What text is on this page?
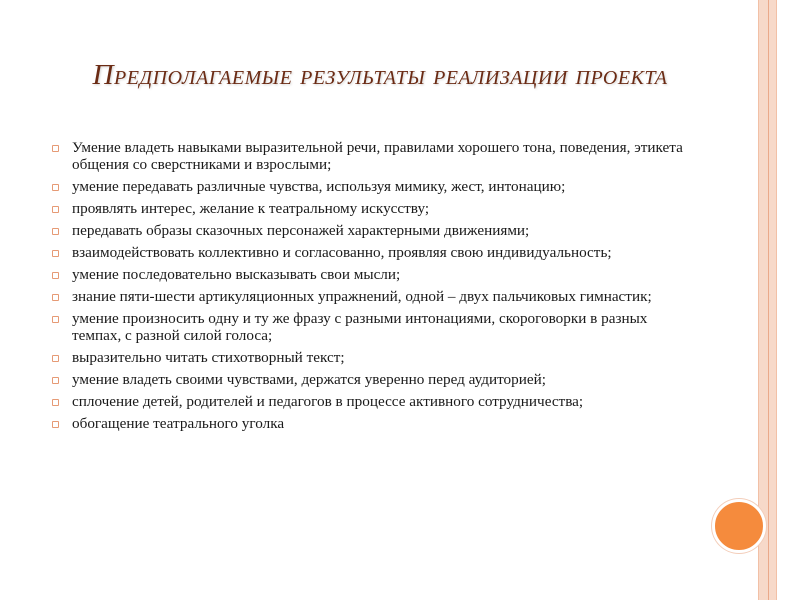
Предполагаемые результаты реализации проекта
Умение владеть навыками выразительной речи, правилами хорошего тона, поведения, этикета общения со сверстниками и взрослыми;
умение передавать различные чувства, используя мимику, жест, интонацию;
проявлять интерес, желание к театральному искусству;
передавать образы сказочных персонажей характерными движениями;
взаимодействовать коллективно и согласованно, проявляя свою индивидуальность;
умение последовательно высказывать свои мысли;
знание пяти-шести артикуляционных упражнений, одной – двух пальчиковых гимнастик;
умение произносить одну и ту же фразу с разными интонациями, скороговорки в разных темпах, с разной силой голоса;
выразительно читать стихотворный текст;
умение владеть своими чувствами, держатся уверенно перед аудиторией;
сплочение детей, родителей и педагогов в процессе активного сотрудничества;
обогащение театрального уголка
